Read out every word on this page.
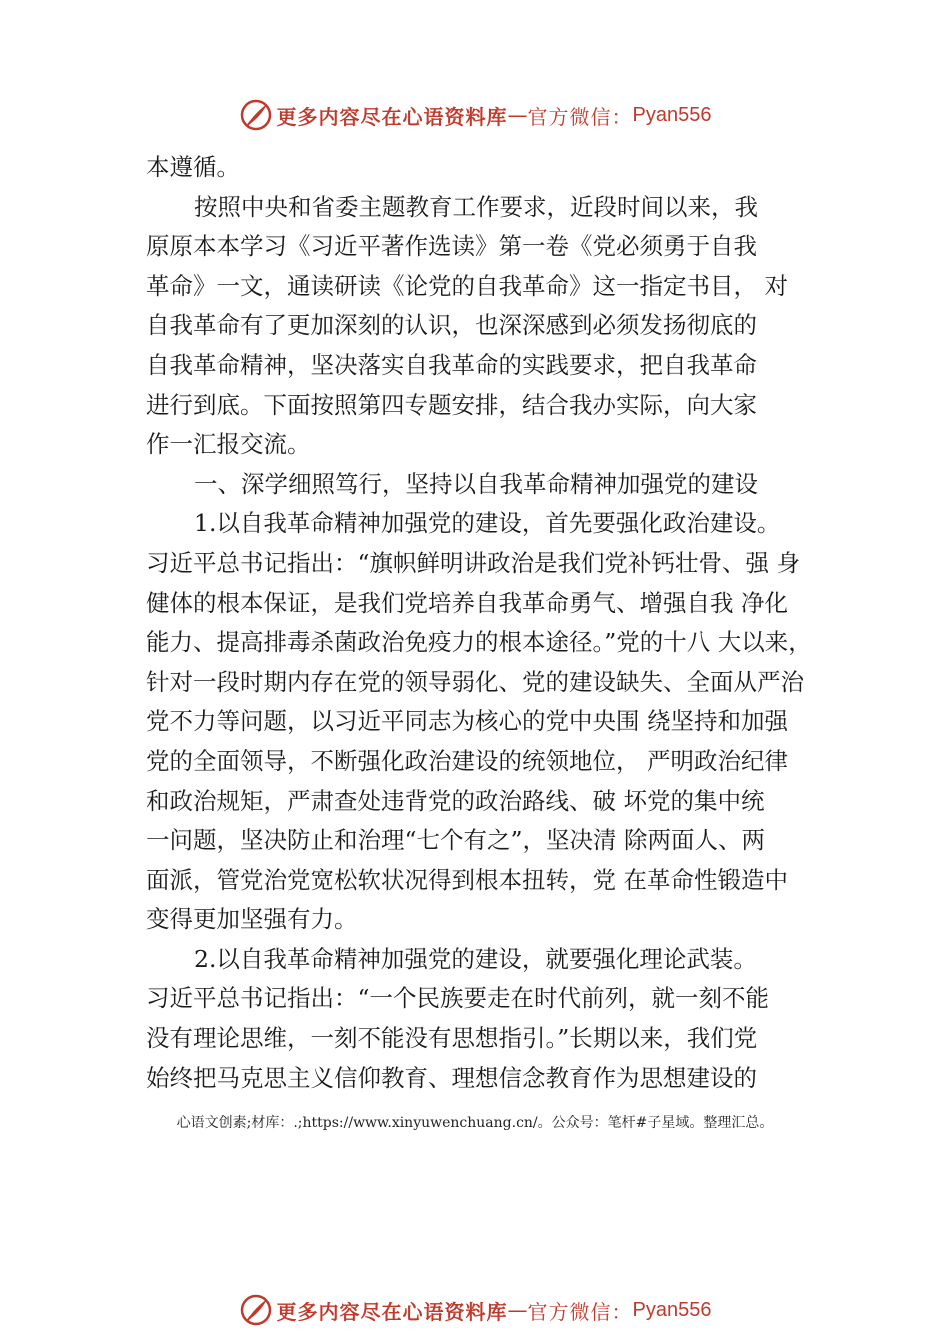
更多内容尽在心语资料库 — 官方微信： Pyan556
本遵循。
按照中央和省委主题教育工作要求，近段时间以来，我
原原本本学习《习近平著作选读》第一卷《党必须勇于自我
革命》一文，通读研读《论党的自我革命》这一指定书目， 对
自我革命有了更加深刻的认识，也深深感到必须发扬彻底的
自我革命精神，坚决落实自我革命的实践要求，把自我革命
进行到底。下面按照第四专题安排，结合我办实际，向大家
作一汇报交流。
一、深学细照笃行，坚持以自我革命精神加强党的建设
1.以自我革命精神加强党的建设，首先要强化政治建设。
习近平总书记指出：“旗帜鲜明讲政治是我们党补钙壮骨、强 身
健体的根本保证，是我们党培养自我革命勇气、增强自我 净化
能力、提高排毒杀菌政治免疫力的根本途径。”党的十八 大以来，
针对一段时期内存在党的领导弱化、党的建设缺失、全面从严治
党不力等问题，以习近平同志为核心的党中央围 绕坚持和加强
党的全面领导，不断强化政治建设的统领地位， 严明政治纪律
和政治规矩，严肃查处违背党的政治路线、破 坏党的集中统
一问题，坚决防止和治理“七个有之”，坚决清 除两面人、两
面派，管党治党宽松软状况得到根本扭转，党 在革命性锻造中
变得更加坚强有力。
2.以自我革命精神加强党的建设，就要强化理论武装。
习近平总书记指出：“一个民族要走在时代前列，就一刻不能
没有理论思维，一刻不能没有思想指引。”长期以来，我们党
始终把马克思主义信仰教育、理想信念教育作为思想建设的
心语文创素;材库：.;https://www.xinyuwenchuang.cn/。公众号：笔杆#子星域。整理汇总。
更多内容尽在心语资料库 — 官方微信： Pyan556
